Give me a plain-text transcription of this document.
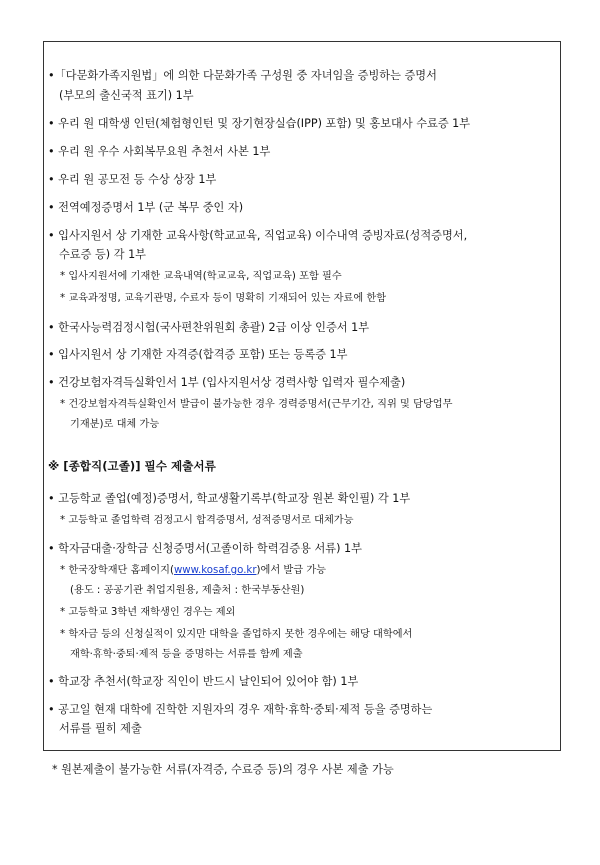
•「다문화가족지원법」에 의한 다문화가족 구성원 중 자녀임을 증빙하는 증명서
(부모의 출신국적 표기) 1부
• 우리 원 대학생 인턴(체험형인턴 및 장기현장실습(IPP) 포함) 및 홍보대사 수료증 1부
• 우리 원 우수 사회복무요원 추천서 사본 1부
• 우리 원 공모전 등 수상 상장 1부
• 전역예정증명서 1부 (군 복무 중인 자)
• 입사지원서 상 기재한 교육사항(학교교육, 직업교육) 이수내역 증빙자료(성적증명서,
수료증 등) 각 1부
* 입사지원서에 기재한 교육내역(학교교육, 직업교육) 포함 필수
* 교육과정명, 교육기관명, 수료자 등이 명확히 기재되어 있는 자료에 한함
• 한국사능력검정시험(국사편찬위원회 총괄) 2급 이상 인증서 1부
• 입사지원서 상 기재한 자격증(합격증 포함) 또는 등록증 1부
• 건강보험자격득실확인서 1부 (입사지원서상 경력사항 입력자 필수제출)
* 건강보험자격득실확인서 발급이 불가능한 경우 경력증명서(근무기간, 직위 및 담당업무
기재분)로 대체 가능
※ [종합직(고졸)] 필수 제출서류
• 고등학교 졸업(예정)증명서, 학교생활기록부(학교장 원본 확인필) 각 1부
* 고등학교 졸업학력 검정고시 합격증명서, 성적증명서로 대체가능
• 학자금대출·장학금 신청증명서(고졸이하 학력검증용 서류) 1부
* 한국장학재단 홈페이지(www.kosaf.go.kr)에서 발급 가능
(용도 : 공공기관 취업지원용, 제출처 : 한국부동산원)
* 고등학교 3학년 재학생인 경우는 제외
* 학자금 등의 신청실적이 있지만 대학을 졸업하지 못한 경우에는 해당 대학에서
재학·휴학·중퇴·제적 등을 증명하는 서류를 함께 제출
• 학교장 추천서(학교장 직인이 반드시 날인되어 있어야 함) 1부
• 공고일 현재 대학에 진학한 지원자의 경우 재학·휴학·중퇴·제적 등을 증명하는
서류를 필히 제출
* 원본제출이 불가능한 서류(자격증, 수료증 등)의 경우 사본 제출 가능
